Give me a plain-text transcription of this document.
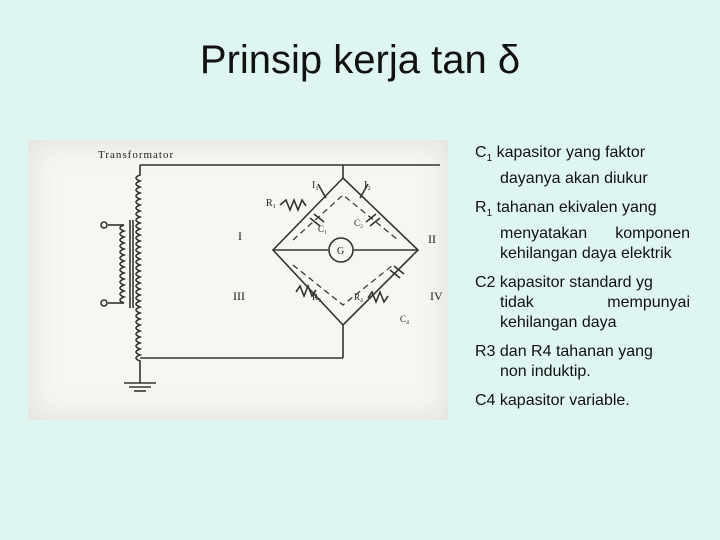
Prinsip kerja tan δ
Transformator
I₁	I₂
R₁
C₁
C₂
G
R₃	R₄
C₄
I	II
III	IV
$C_1$ kapasitor yang faktor
dayanya akan diukur
$R_1$ tahanan ekivalen yang
menyatakan komponen kehilangan daya elektrik
C2 kapasitor standard yg
tidak mempunyai kehilangan daya
R3 dan R4 tahanan yang
non induktip.
C4 kapasitor variable.
